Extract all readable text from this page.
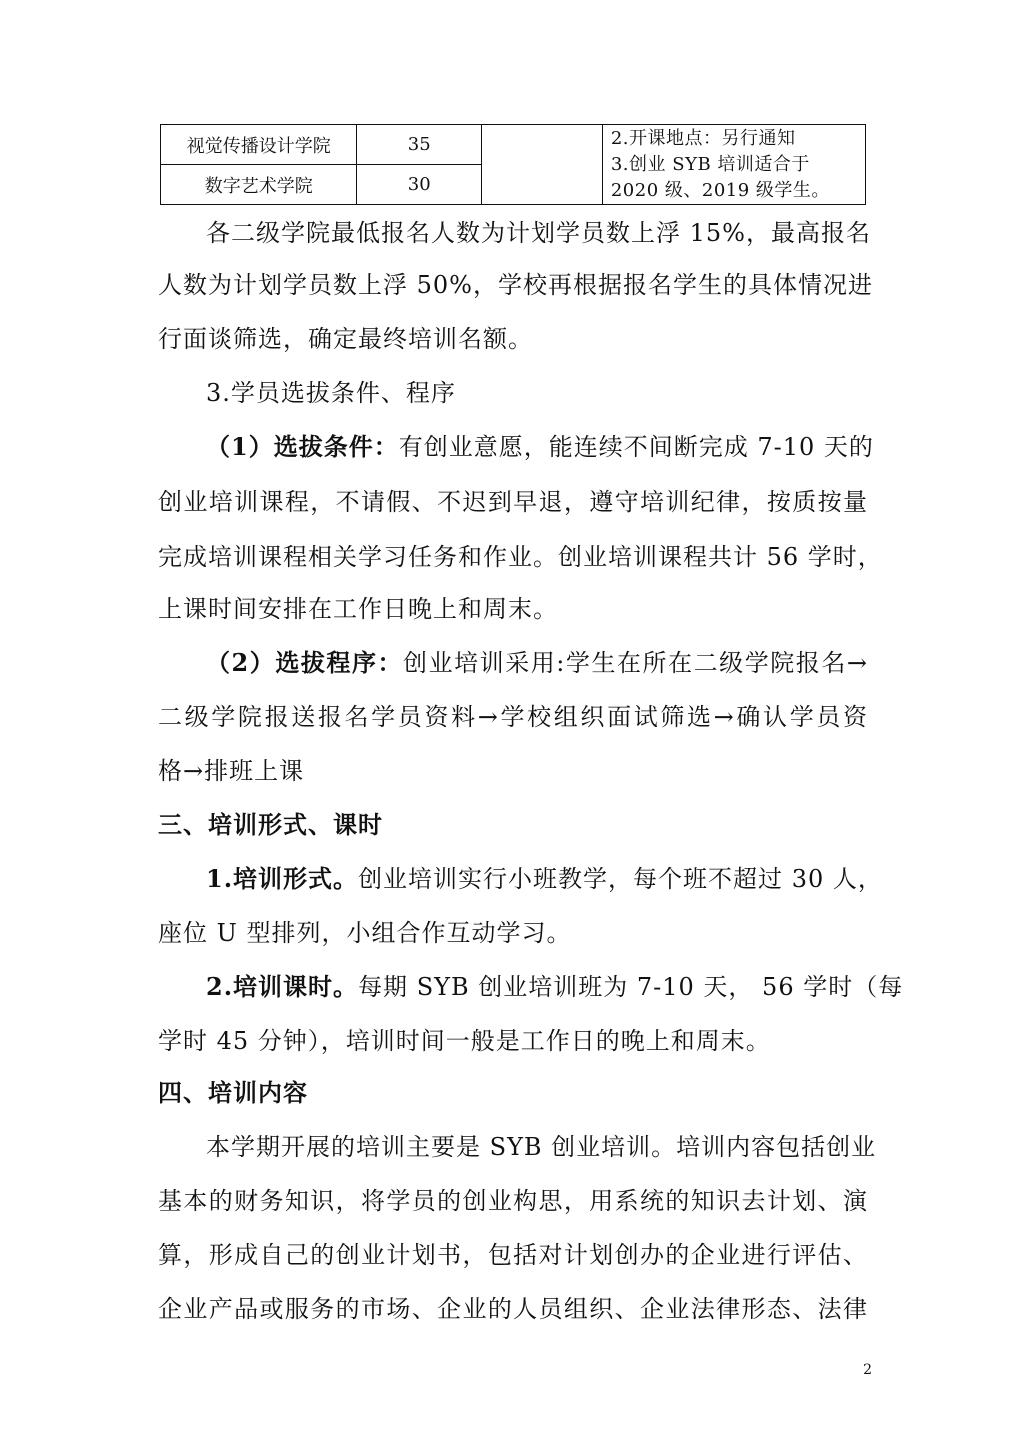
视觉传播设计学院	35		2.开课地点：另行通知
3.创业 SYB 培训适合于
2020 级、2019 级学生。

数字艺术学院	30		
各二级学院最低报名人数为计划学员数上浮 15%，最高报名
人数为计划学员数上浮 50%，学校再根据报名学生的具体情况进
行面谈筛选，确定最终培训名额。
3.学员选拔条件、程序
（1）选拔条件：有创业意愿，能连续不间断完成 7-10 天的
创业培训课程，不请假、不迟到早退，遵守培训纪律，按质按量
完成培训课程相关学习任务和作业。创业培训课程共计 56 学时，
上课时间安排在工作日晚上和周末。
（2）选拔程序：创业培训采用:学生在所在二级学院报名→
二级学院报送报名学员资料→学校组织面试筛选→确认学员资
格→排班上课
三、培训形式、课时
1.培训形式。创业培训实行小班教学，每个班不超过 30 人，
座位 U 型排列，小组合作互动学习。
2.培训课时。每期 SYB 创业培训班为 7-10 天， 56 学时（每
学时 45 分钟），培训时间一般是工作日的晚上和周末。
四、培训内容
本学期开展的培训主要是 SYB 创业培训。培训内容包括创业
基本的财务知识，将学员的创业构思，用系统的知识去计划、演
算，形成自己的创业计划书，包括对计划创办的企业进行评估、
企业产品或服务的市场、企业的人员组织、企业法律形态、法律
2
